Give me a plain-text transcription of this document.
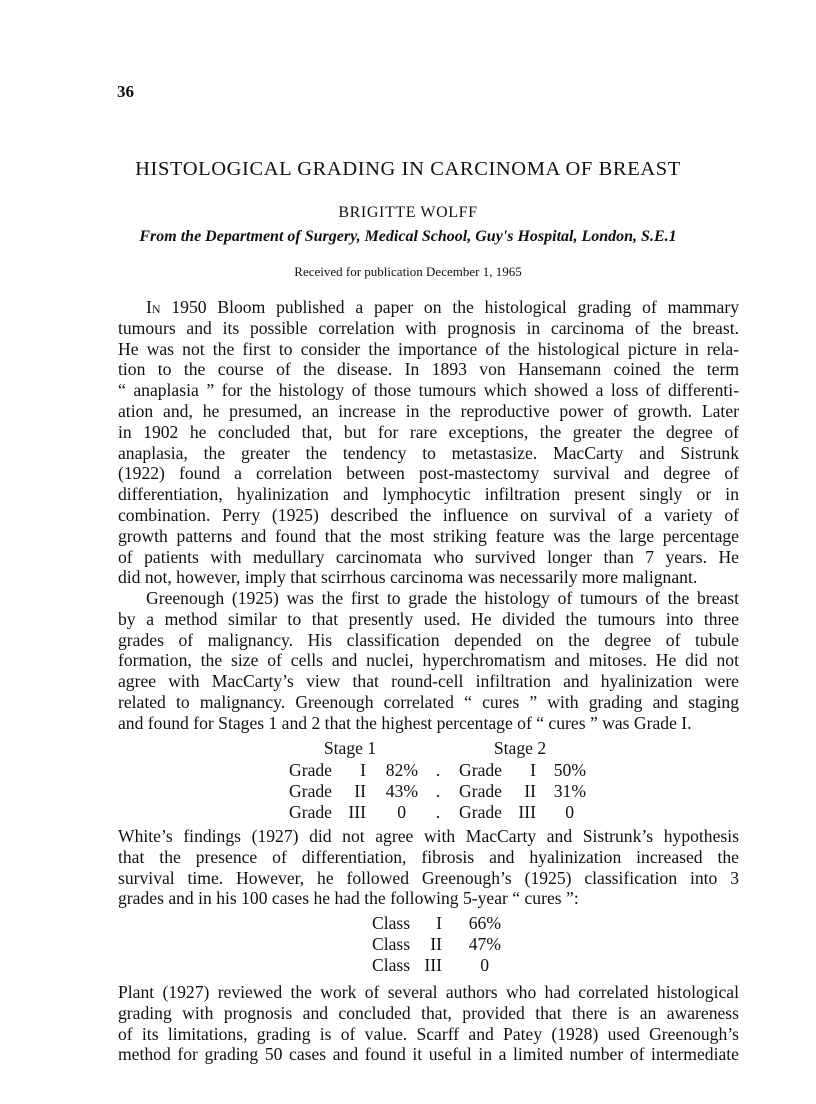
36
HISTOLOGICAL GRADING IN CARCINOMA OF BREAST
BRIGITTE WOLFF
From the Department of Surgery, Medical School, Guy's Hospital, London, S.E.1
Received for publication December 1, 1965
In 1950 Bloom published a paper on the histological grading of mammary
tumours and its possible correlation with prognosis in carcinoma of the breast.
He was not the first to consider the importance of the histological picture in rela-
tion to the course of the disease. In 1893 von Hansemann coined the term
“ anaplasia ” for the histology of those tumours which showed a loss of differenti-
ation and, he presumed, an increase in the reproductive power of growth. Later
in 1902 he concluded that, but for rare exceptions, the greater the degree of
anaplasia, the greater the tendency to metastasize. MacCarty and Sistrunk
(1922) found a correlation between post-mastectomy survival and degree of
differentiation, hyalinization and lymphocytic infiltration present singly or in
combination. Perry (1925) described the influence on survival of a variety of
growth patterns and found that the most striking feature was the large percentage
of patients with medullary carcinomata who survived longer than 7 years. He
did not, however, imply that scirrhous carcinoma was necessarily more malignant.
Greenough (1925) was the first to grade the histology of tumours of the breast
by a method similar to that presently used. He divided the tumours into three
grades of malignancy. His classification depended on the degree of tubule
formation, the size of cells and nuclei, hyperchromatism and mitoses. He did not
agree with MacCarty’s view that round-cell infiltration and hyalinization were
related to malignancy. Greenough correlated “ cures ” with grading and staging
and found for Stages 1 and 2 that the highest percentage of “ cures ” was Grade I.
Stage 1	Stage 2
Grade	I	82% . Grade	I	50%
Grade	II	43% . Grade	II	31%
Grade III	0 . Grade III	0
White’s findings (1927) did not agree with MacCarty and Sistrunk’s hypothesis
that the presence of differentiation, fibrosis and hyalinization increased the
survival time. However, he followed Greenough’s (1925) classification into 3
grades and in his 100 cases he had the following 5-year “ cures ”:
Class	I	66%
Class	II	47%
Class III	0
Plant (1927) reviewed the work of several authors who had correlated histological
grading with prognosis and concluded that, provided that there is an awareness
of its limitations, grading is of value. Scarff and Patey (1928) used Greenough’s
method for grading 50 cases and found it useful in a limited number of intermediate
